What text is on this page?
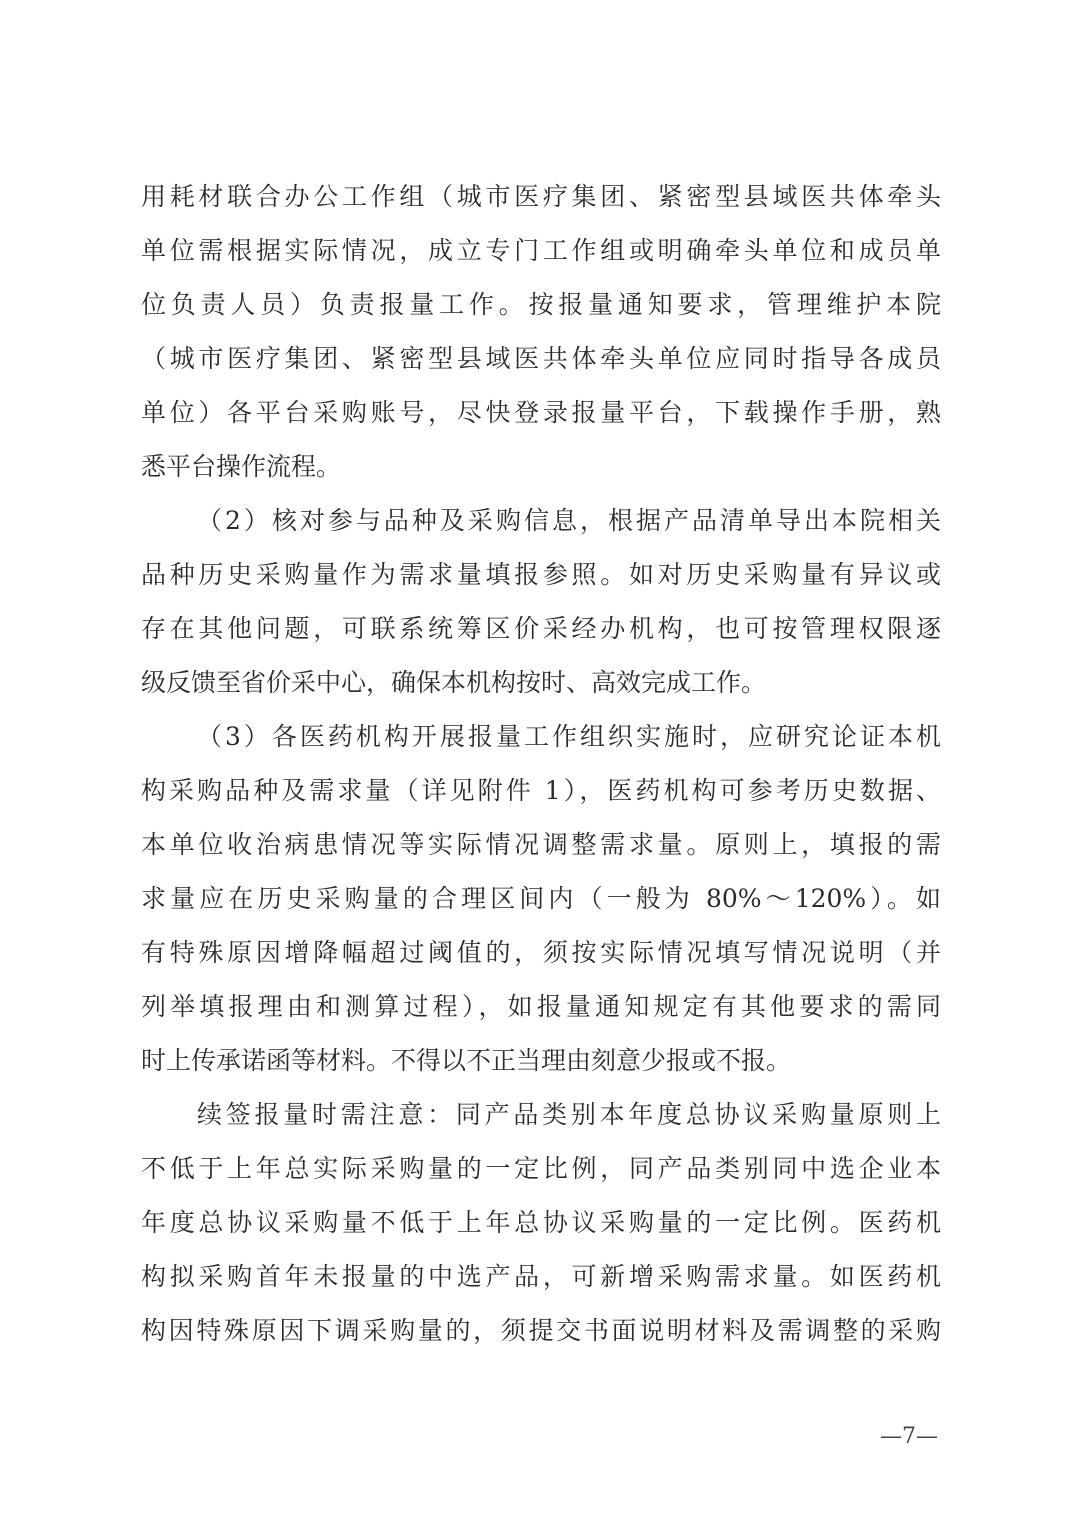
用耗材联合办公工作组（城市医疗集团、紧密型县域医共体牵头
单位需根据实际情况，成立专门工作组或明确牵头单位和成员单
位负责人员）负责报量工作。按报量通知要求，管理维护本院
（城市医疗集团、紧密型县域医共体牵头单位应同时指导各成员
单位）各平台采购账号，尽快登录报量平台，下载操作手册，熟
悉平台操作流程。
（2）核对参与品种及采购信息，根据产品清单导出本院相关
品种历史采购量作为需求量填报参照。如对历史采购量有异议或
存在其他问题，可联系统筹区价采经办机构，也可按管理权限逐
级反馈至省价采中心，确保本机构按时、高效完成工作。
（3）各医药机构开展报量工作组织实施时，应研究论证本机
构采购品种及需求量（详见附件 1），医药机构可参考历史数据、
本单位收治病患情况等实际情况调整需求量。原则上，填报的需
求量应在历史采购量的合理区间内（一般为 80%～120%）。如
有特殊原因增降幅超过阈值的，须按实际情况填写情况说明（并
列举填报理由和测算过程），如报量通知规定有其他要求的需同
时上传承诺函等材料。不得以不正当理由刻意少报或不报。
续签报量时需注意：同产品类别本年度总协议采购量原则上
不低于上年总实际采购量的一定比例，同产品类别同中选企业本
年度总协议采购量不低于上年总协议采购量的一定比例。医药机
构拟采购首年未报量的中选产品，可新增采购需求量。如医药机
构因特殊原因下调采购量的，须提交书面说明材料及需调整的采购
—7—
